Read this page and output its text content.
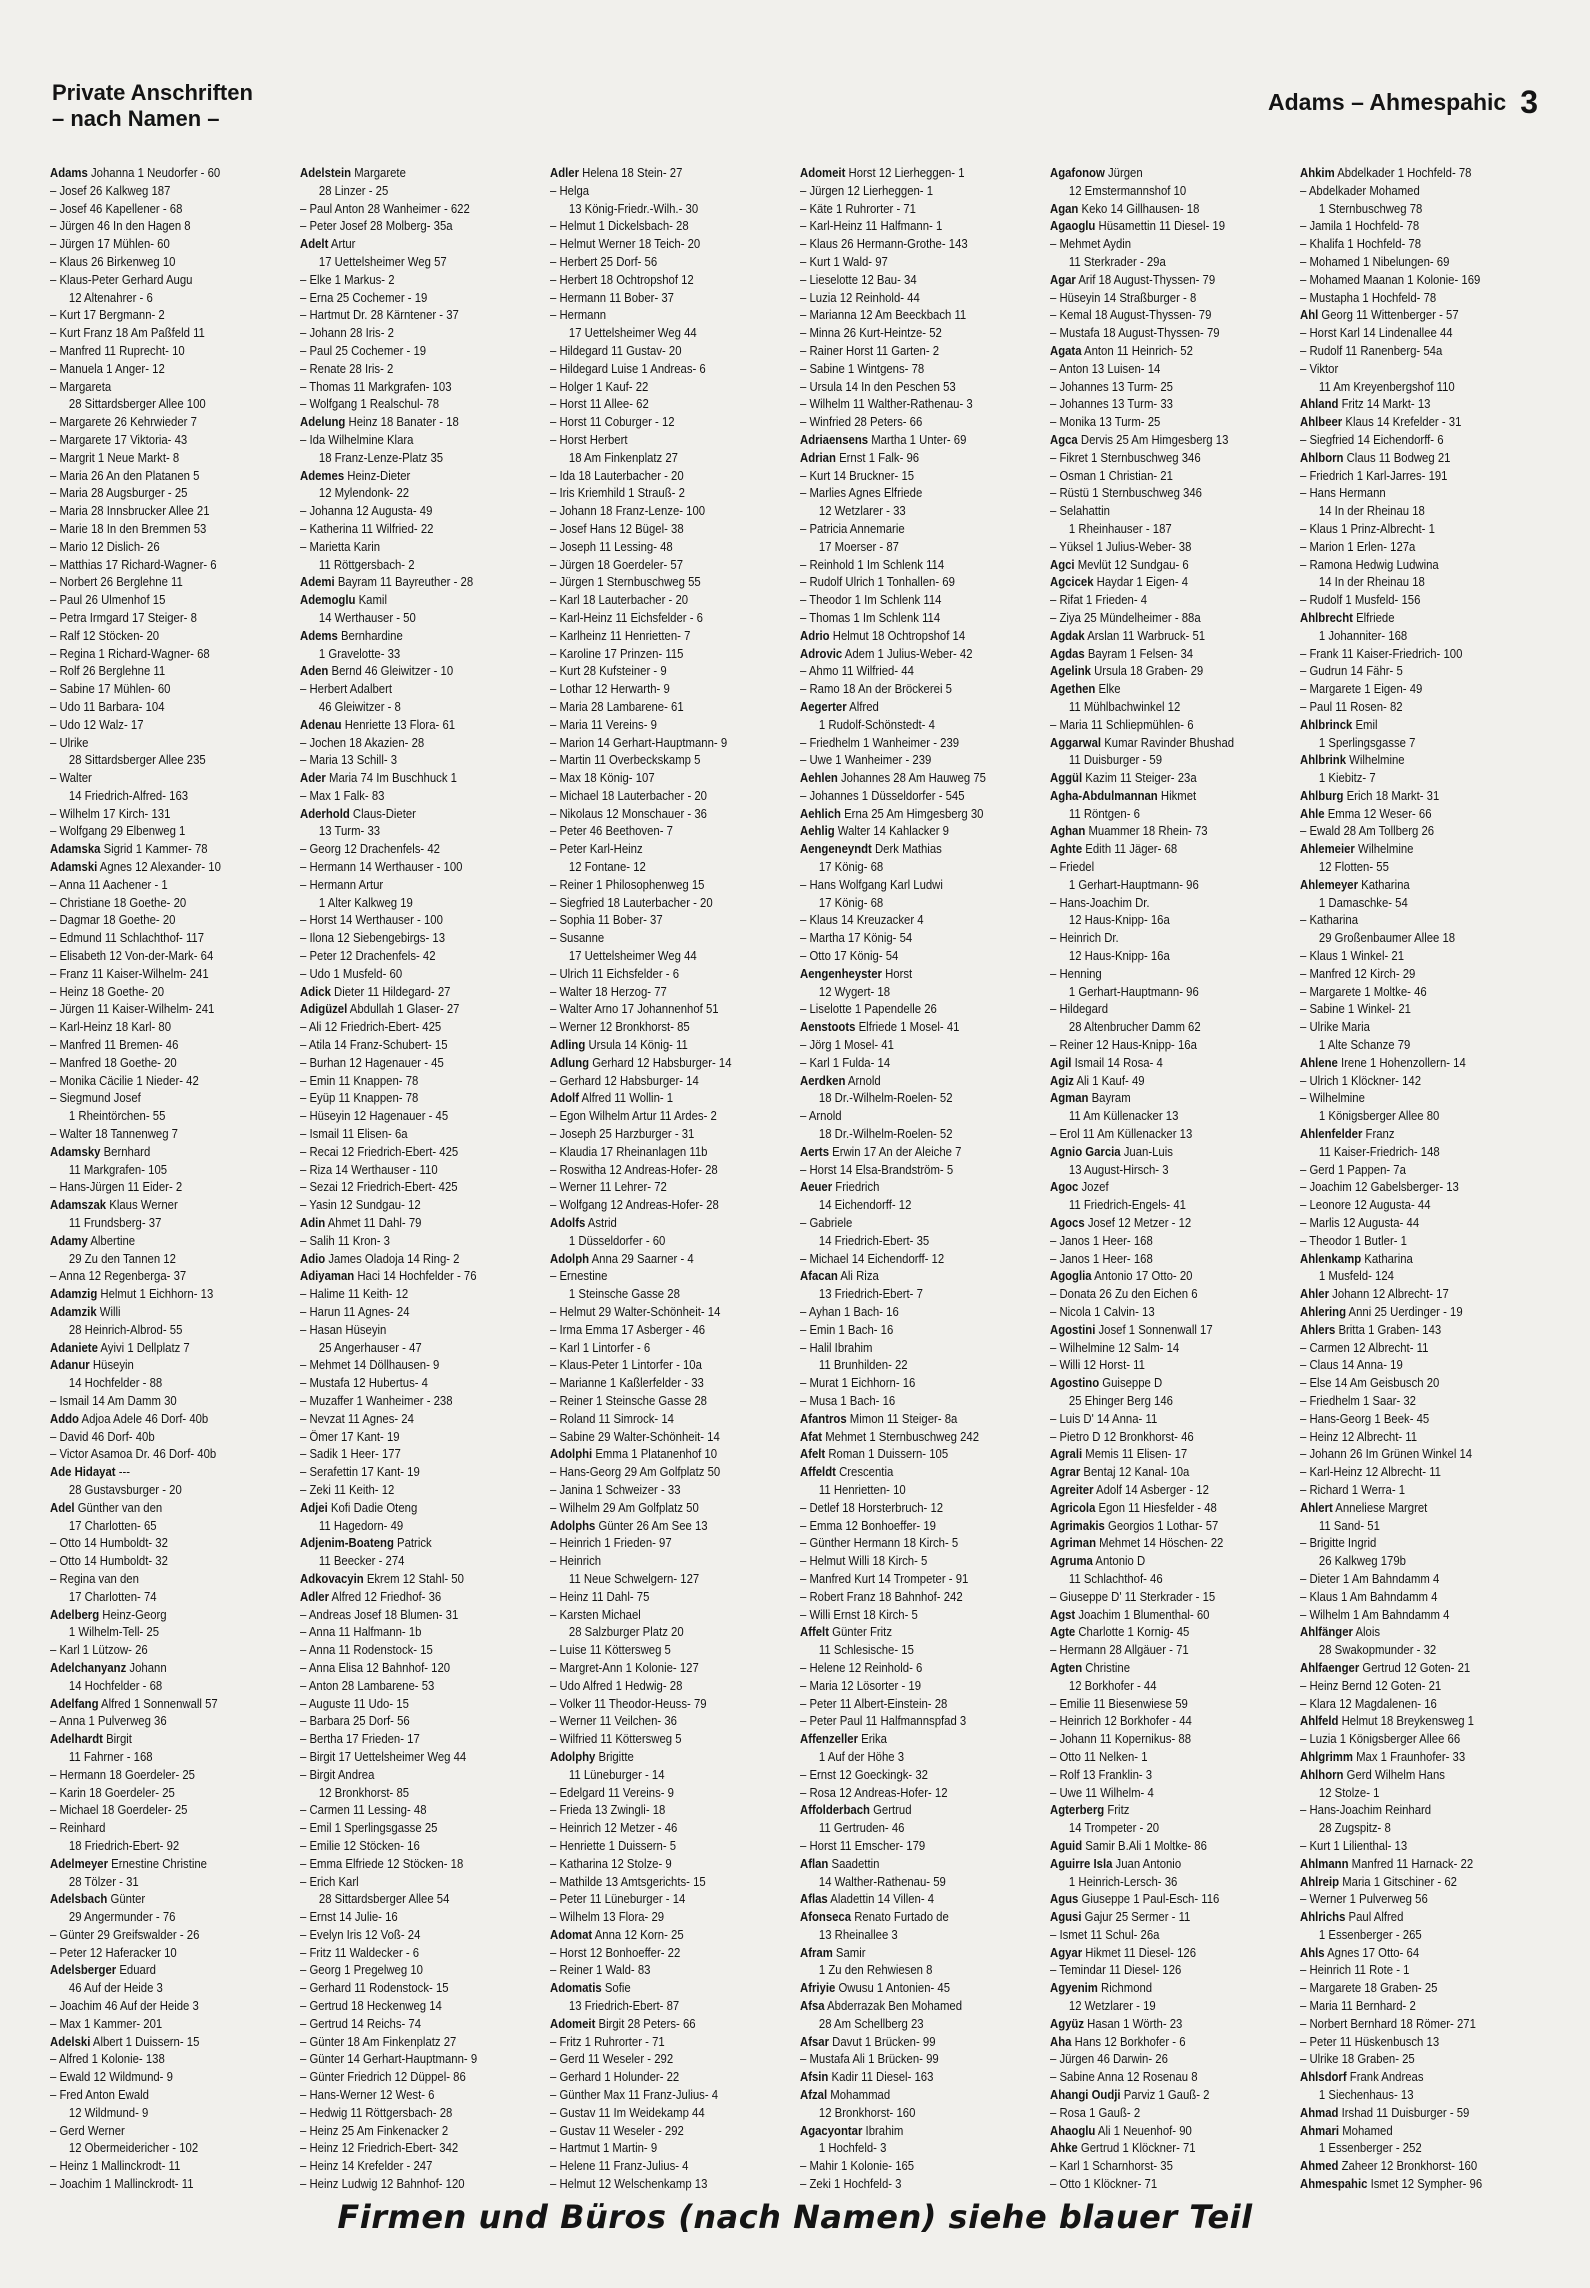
Private Anschriften
– nach Namen –
Adams – Ahmespahic 3
Adams Johanna 1 Neudorfer - 60
– Josef 26 Kalkweg 187
– Josef 46 Kapellener - 68
– Jürgen 46 In den Hagen 8
– Jürgen 17 Mühlen- 60
– Klaus 26 Birkenweg 10
– Klaus-Peter Gerhard Augu
12 Altenahrer - 6
– Kurt 17 Bergmann- 2
– Kurt Franz 18 Am Paßfeld 11
– Manfred 11 Ruprecht- 10
– Manuela 1 Anger- 12
– Margareta
28 Sittardsberger Allee 100
– Margarete 26 Kehrwieder 7
– Margarete 17 Viktoria- 43
– Margrit 1 Neue Markt- 8
– Maria 26 An den Platanen 5
– Maria 28 Augsburger - 25
– Maria 28 Innsbrucker Allee 21
– Marie 18 In den Bremmen 53
– Mario 12 Dislich- 26
– Matthias 17 Richard-Wagner- 6
– Norbert 26 Berglehne 11
– Paul 26 Ulmenhof 15
– Petra Irmgard 17 Steiger- 8
– Ralf 12 Stöcken- 20
– Regina 1 Richard-Wagner- 68
– Rolf 26 Berglehne 11
– Sabine 17 Mühlen- 60
– Udo 11 Barbara- 104
– Udo 12 Walz- 17
– Ulrike
28 Sittardsberger Allee 235
– Walter
14 Friedrich-Alfred- 163
– Wilhelm 17 Kirch- 131
– Wolfgang 29 Elbenweg 1
Adamska Sigrid 1 Kammer- 78
Adamski Agnes 12 Alexander- 10
– Anna 11 Aachener - 1
– Christiane 18 Goethe- 20
– Dagmar 18 Goethe- 20
– Edmund 11 Schlachthof- 117
– Elisabeth 12 Von-der-Mark- 64
– Franz 11 Kaiser-Wilhelm- 241
– Heinz 18 Goethe- 20
– Jürgen 11 Kaiser-Wilhelm- 241
– Karl-Heinz 18 Karl- 80
– Manfred 11 Bremen- 46
– Manfred 18 Goethe- 20
– Monika Cäcilie 1 Nieder- 42
– Siegmund Josef
1 Rheintörchen- 55
– Walter 18 Tannenweg 7
Adamsky Bernhard
11 Markgrafen- 105
– Hans-Jürgen 11 Eider- 2
Adamszak Klaus Werner
11 Frundsberg- 37
Adamy Albertine
29 Zu den Tannen 12
– Anna 12 Regenberga- 37
Adamzig Helmut 1 Eichhorn- 13
Adamzik Willi
28 Heinrich-Albrod- 55
Adaniete Ayivi 1 Dellplatz 7
Adanur Hüseyin
14 Hochfelder - 88
– Ismail 14 Am Damm 30
Addo Adjoa Adele 46 Dorf- 40b
– David 46 Dorf- 40b
– Victor Asamoa Dr. 46 Dorf- 40b
Ade Hidayat ---
28 Gustavsburger - 20
Adel Günther van den
17 Charlotten- 65
– Otto 14 Humboldt- 32
– Otto 14 Humboldt- 32
– Regina van den
17 Charlotten- 74
Adelberg Heinz-Georg
1 Wilhelm-Tell- 25
– Karl 1 Lützow- 26
Adelchanyanz Johann
14 Hochfelder - 68
Adelfang Alfred 1 Sonnenwall 57
– Anna 1 Pulverweg 36
Adelhardt Birgit
11 Fahrner - 168
– Hermann 18 Goerdeler- 25
– Karin 18 Goerdeler- 25
– Michael 18 Goerdeler- 25
– Reinhard
18 Friedrich-Ebert- 92
Adelmeyer Ernestine Christine
28 Tölzer - 31
Adelsbach Günter
29 Angermunder - 76
– Günter 29 Greifswalder - 26
– Peter 12 Haferacker 10
Adelsberger Eduard
46 Auf der Heide 3
– Joachim 46 Auf der Heide 3
– Max 1 Kammer- 201
Adelski Albert 1 Duissern- 15
– Alfred 1 Kolonie- 138
– Ewald 12 Wildmund- 9
– Fred Anton Ewald
12 Wildmund- 9
– Gerd Werner
12 Obermeidericher - 102
– Heinz 1 Mallinckrodt- 11
– Joachim 1 Mallinckrodt- 11
Adelstein Margarete
28 Linzer - 25
– Paul Anton 28 Wanheimer - 622
– Peter Josef 28 Molberg- 35a
Adelt Artur
17 Uettelsheimer Weg 57
– Elke 1 Markus- 2
– Erna 25 Cochemer - 19
– Hartmut Dr. 28 Kärntener - 37
– Johann 28 Iris- 2
– Paul 25 Cochemer - 19
– Renate 28 Iris- 2
– Thomas 11 Markgrafen- 103
– Wolfgang 1 Realschul- 78
Adelung Heinz 18 Banater - 18
– Ida Wilhelmine Klara
18 Franz-Lenze-Platz 35
Ademes Heinz-Dieter
12 Mylendonk- 22
– Johanna 12 Augusta- 49
– Katherina 11 Wilfried- 22
– Marietta Karin
11 Röttgersbach- 2
Ademi Bayram 11 Bayreuther - 28
Ademoglu Kamil
14 Werthauser - 50
Adems Bernhardine
1 Gravelotte- 33
Aden Bernd 46 Gleiwitzer - 10
– Herbert Adalbert
46 Gleiwitzer - 8
Adenau Henriette 13 Flora- 61
– Jochen 18 Akazien- 28
– Maria 13 Schill- 3
Ader Maria 74 Im Buschhuck 1
– Max 1 Falk- 83
Aderhold Claus-Dieter
13 Turm- 33
– Georg 12 Drachenfels- 42
– Hermann 14 Werthauser - 100
– Hermann Artur
1 Alter Kalkweg 19
– Horst 14 Werthauser - 100
– Ilona 12 Siebengebirgs- 13
– Peter 12 Drachenfels- 42
– Udo 1 Musfeld- 60
Adick Dieter 11 Hildegard- 27
Adigüzel Abdullah 1 Glaser- 27
– Ali 12 Friedrich-Ebert- 425
– Atila 14 Franz-Schubert- 15
– Burhan 12 Hagenauer - 45
– Emin 11 Knappen- 78
– Eyüp 11 Knappen- 78
– Hüseyin 12 Hagenauer - 45
– Ismail 11 Elisen- 6a
– Recai 12 Friedrich-Ebert- 425
– Riza 14 Werthauser - 110
– Sezai 12 Friedrich-Ebert- 425
– Yasin 12 Sundgau- 12
Adin Ahmet 11 Dahl- 79
– Salih 11 Kron- 3
Adio James Oladoja 14 Ring- 2
Adiyaman Haci 14 Hochfelder - 76
– Halime 11 Keith- 12
– Harun 11 Agnes- 24
– Hasan Hüseyin
25 Angerhauser - 47
– Mehmet 14 Döllhausen- 9
– Mustafa 12 Hubertus- 4
– Muzaffer 1 Wanheimer - 238
– Nevzat 11 Agnes- 24
– Ömer 17 Kant- 19
– Sadik 1 Heer- 177
– Serafettin 17 Kant- 19
– Zeki 11 Keith- 12
Adjei Kofi Dadie Oteng
11 Hagedorn- 49
Adjenim-Boateng Patrick
11 Beecker - 274
Adkovacyin Ekrem 12 Stahl- 50
Adler Alfred 12 Friedhof- 36
– Andreas Josef 18 Blumen- 31
– Anna 11 Halfmann- 1b
– Anna 11 Rodenstock- 15
– Anna Elisa 12 Bahnhof- 120
– Anton 28 Lambarene- 53
– Auguste 11 Udo- 15
– Barbara 25 Dorf- 56
– Bertha 17 Frieden- 17
– Birgit 17 Uettelsheimer Weg 44
– Birgit Andrea
12 Bronkhorst- 85
– Carmen 11 Lessing- 48
– Emil 1 Sperlingsgasse 25
– Emilie 12 Stöcken- 16
– Emma Elfriede 12 Stöcken- 18
– Erich Karl
28 Sittardsberger Allee 54
– Ernst 14 Julie- 16
– Evelyn Iris 12 Voß- 24
– Fritz 11 Waldecker - 6
– Georg 1 Pregelweg 10
– Gerhard 11 Rodenstock- 15
– Gertrud 18 Heckenweg 14
– Gertrud 14 Reichs- 74
– Günter 18 Am Finkenplatz 27
– Günter 14 Gerhart-Hauptmann- 9
– Günter Friedrich 12 Düppel- 86
– Hans-Werner 12 West- 6
– Hedwig 11 Röttgersbach- 28
– Heinz 25 Am Finkenacker 2
– Heinz 12 Friedrich-Ebert- 342
– Heinz 14 Krefelder - 247
– Heinz Ludwig 12 Bahnhof- 120
Adler Helena 18 Stein- 27
– Helga
13 König-Friedr.-Wilh.- 30
– Helmut 1 Dickelsbach- 28
– Helmut Werner 18 Teich- 20
– Herbert 25 Dorf- 56
– Herbert 18 Ochtropshof 12
– Hermann 11 Bober- 37
– Hermann
17 Uettelsheimer Weg 44
– Hildegard 11 Gustav- 20
– Hildegard Luise 1 Andreas- 6
– Holger 1 Kauf- 22
– Horst 11 Allee- 62
– Horst 11 Coburger - 12
– Horst Herbert
18 Am Finkenplatz 27
– Ida 18 Lauterbacher - 20
– Iris Kriemhild 1 Strauß- 2
– Johann 18 Franz-Lenze- 100
– Josef Hans 12 Bügel- 38
– Joseph 11 Lessing- 48
– Jürgen 18 Goerdeler- 57
– Jürgen 1 Sternbuschweg 55
– Karl 18 Lauterbacher - 20
– Karl-Heinz 11 Eichsfelder - 6
– Karlheinz 11 Henrietten- 7
– Karoline 17 Prinzen- 115
– Kurt 28 Kufsteiner - 9
– Lothar 12 Herwarth- 9
– Maria 28 Lambarene- 61
– Maria 11 Vereins- 9
– Marion 14 Gerhart-Hauptmann- 9
– Martin 11 Overbeckskamp 5
– Max 18 König- 107
– Michael 18 Lauterbacher - 20
– Nikolaus 12 Monschauer - 36
– Peter 46 Beethoven- 7
– Peter Karl-Heinz
12 Fontane- 12
– Reiner 1 Philosophenweg 15
– Siegfried 18 Lauterbacher - 20
– Sophia 11 Bober- 37
– Susanne
17 Uettelsheimer Weg 44
– Ulrich 11 Eichsfelder - 6
– Walter 18 Herzog- 77
– Walter Arno 17 Johannenhof 51
– Werner 12 Bronkhorst- 85
Adling Ursula 14 König- 11
Adlung Gerhard 12 Habsburger- 14
– Gerhard 12 Habsburger- 14
Adolf Alfred 11 Wollin- 1
– Egon Wilhelm Artur 11 Ardes- 2
– Joseph 25 Harzburger - 31
– Klaudia 17 Rheinanlagen 11b
– Roswitha 12 Andreas-Hofer- 28
– Werner 11 Lehrer- 72
– Wolfgang 12 Andreas-Hofer- 28
Adolfs Astrid
1 Düsseldorfer - 60
Adolph Anna 29 Saarner - 4
– Ernestine
1 Steinsche Gasse 28
– Helmut 29 Walter-Schönheit- 14
– Irma Emma 17 Asberger - 46
– Karl 1 Lintorfer - 6
– Klaus-Peter 1 Lintorfer - 10a
– Marianne 1 Kaßlerfelder - 33
– Reiner 1 Steinsche Gasse 28
– Roland 11 Simrock- 14
– Sabine 29 Walter-Schönheit- 14
Adolphi Emma 1 Platanenhof 10
– Hans-Georg 29 Am Golfplatz 50
– Janina 1 Schweizer - 33
– Wilhelm 29 Am Golfplatz 50
Adolphs Günter 26 Am See 13
– Heinrich 1 Frieden- 97
– Heinrich
11 Neue Schwelgern- 127
– Heinz 11 Dahl- 75
– Karsten Michael
28 Salzburger Platz 20
– Luise 11 Köttersweg 5
– Margret-Ann 1 Kolonie- 127
– Udo Alfred 1 Hedwig- 28
– Volker 11 Theodor-Heuss- 79
– Werner 11 Veilchen- 36
– Wilfried 11 Köttersweg 5
Adolphy Brigitte
11 Lüneburger - 14
– Edelgard 11 Vereins- 9
– Frieda 13 Zwingli- 18
– Heinrich 12 Metzer - 46
– Henriette 1 Duissern- 5
– Katharina 12 Stolze- 9
– Mathilde 13 Amtsgerichts- 15
– Peter 11 Lüneburger - 14
– Wilhelm 13 Flora- 29
Adomat Anna 12 Korn- 25
– Horst 12 Bonhoeffer- 22
– Reiner 1 Wald- 83
Adomatis Sofie
13 Friedrich-Ebert- 87
Adomeit Birgit 28 Peters- 66
– Fritz 1 Ruhrorter - 71
– Gerd 11 Weseler - 292
– Gerhard 1 Holunder- 22
– Günther Max 11 Franz-Julius- 4
– Gustav 11 Im Weidekamp 44
– Gustav 11 Weseler - 292
– Hartmut 1 Martin- 9
– Helene 11 Franz-Julius- 4
– Helmut 12 Welschenkamp 13
Adomeit Horst 12 Lierheggen- 1
– Jürgen 12 Lierheggen- 1
– Käte 1 Ruhrorter - 71
– Karl-Heinz 11 Halfmann- 1
– Klaus 26 Hermann-Grothe- 143
– Kurt 1 Wald- 97
– Lieselotte 12 Bau- 34
– Luzia 12 Reinhold- 44
– Marianna 12 Am Beeckbach 11
– Minna 26 Kurt-Heintze- 52
– Rainer Horst 11 Garten- 2
– Sabine 1 Wintgens- 78
– Ursula 14 In den Peschen 53
– Wilhelm 11 Walther-Rathenau- 3
– Winfried 28 Peters- 66
Adriaensens Martha 1 Unter- 69
Adrian Ernst 1 Falk- 96
– Kurt 14 Bruckner- 15
– Marlies Agnes Elfriede
12 Wetzlarer - 33
– Patricia Annemarie
17 Moerser - 87
– Reinhold 1 Im Schlenk 114
– Rudolf Ulrich 1 Tonhallen- 69
– Theodor 1 Im Schlenk 114
– Thomas 1 Im Schlenk 114
Adrio Helmut 18 Ochtropshof 14
Adrovic Adem 1 Julius-Weber- 42
– Ahmo 11 Wilfried- 44
– Ramo 18 An der Bröckerei 5
Aegerter Alfred
1 Rudolf-Schönstedt- 4
– Friedhelm 1 Wanheimer - 239
– Uwe 1 Wanheimer - 239
Aehlen Johannes 28 Am Hauweg 75
– Johannes 1 Düsseldorfer - 545
Aehlich Erna 25 Am Himgesberg 30
Aehlig Walter 14 Kahlacker 9
Aengeneyndt Derk Mathias
17 König- 68
– Hans Wolfgang Karl Ludwi
17 König- 68
– Klaus 14 Kreuzacker 4
– Martha 17 König- 54
– Otto 17 König- 54
Aengenheyster Horst
12 Wygert- 18
– Liselotte 1 Papendelle 26
Aenstoots Elfriede 1 Mosel- 41
– Jörg 1 Mosel- 41
– Karl 1 Fulda- 14
Aerdken Arnold
18 Dr.-Wilhelm-Roelen- 52
– Arnold
18 Dr.-Wilhelm-Roelen- 52
Aerts Erwin 17 An der Aleiche 7
– Horst 14 Elsa-Brandström- 5
Aeuer Friedrich
14 Eichendorff- 12
– Gabriele
14 Friedrich-Ebert- 35
– Michael 14 Eichendorff- 12
Afacan Ali Riza
13 Friedrich-Ebert- 7
– Ayhan 1 Bach- 16
– Emin 1 Bach- 16
– Halil Ibrahim
11 Brunhilden- 22
– Murat 1 Eichhorn- 16
– Musa 1 Bach- 16
Afantros Mimon 11 Steiger- 8a
Afat Mehmet 1 Sternbuschweg 242
Afelt Roman 1 Duissern- 105
Affeldt Crescentia
11 Henrietten- 10
– Detlef 18 Horsterbruch- 12
– Emma 12 Bonhoeffer- 19
– Günther Hermann 18 Kirch- 5
– Helmut Willi 18 Kirch- 5
– Manfred Kurt 14 Trompeter - 91
– Robert Franz 18 Bahnhof- 242
– Willi Ernst 18 Kirch- 5
Affelt Günter Fritz
11 Schlesische- 15
– Helene 12 Reinhold- 6
– Maria 12 Lösorter - 19
– Peter 11 Albert-Einstein- 28
– Peter Paul 11 Halfmannspfad 3
Affenzeller Erika
1 Auf der Höhe 3
– Ernst 12 Goeckingk- 32
– Rosa 12 Andreas-Hofer- 12
Affolderbach Gertrud
11 Gertruden- 46
– Horst 11 Emscher- 179
Aflan Saadettin
14 Walther-Rathenau- 59
Aflas Aladettin 14 Villen- 4
Afonseca Renato Furtado de
13 Rheinallee 3
Afram Samir
1 Zu den Rehwiesen 8
Afriyie Owusu 1 Antonien- 45
Afsa Abderrazak Ben Mohamed
28 Am Schellberg 23
Afsar Davut 1 Brücken- 99
– Mustafa Ali 1 Brücken- 99
Afsin Kadir 11 Diesel- 163
Afzal Mohammad
12 Bronkhorst- 160
Agacyontar Ibrahim
1 Hochfeld- 3
– Mahir 1 Kolonie- 165
– Zeki 1 Hochfeld- 3
Agafonow Jürgen
12 Emstermannshof 10
Agan Keko 14 Gillhausen- 18
Agaoglu Hüsamettin 11 Diesel- 19
– Mehmet Aydin
11 Sterkrader - 29a
Agar Arif 18 August-Thyssen- 79
– Hüseyin 14 Straßburger - 8
– Kemal 18 August-Thyssen- 79
– Mustafa 18 August-Thyssen- 79
Agata Anton 11 Heinrich- 52
– Anton 13 Luisen- 14
– Johannes 13 Turm- 25
– Johannes 13 Turm- 33
– Monika 13 Turm- 25
Agca Dervis 25 Am Himgesberg 13
– Fikret 1 Sternbuschweg 346
– Osman 1 Christian- 21
– Rüstü 1 Sternbuschweg 346
– Selahattin
1 Rheinhauser - 187
– Yüksel 1 Julius-Weber- 38
Agci Mevlüt 12 Sundgau- 6
Agcicek Haydar 1 Eigen- 4
– Rifat 1 Frieden- 4
– Ziya 25 Mündelheimer - 88a
Agdak Arslan 11 Warbruck- 51
Agdas Bayram 1 Felsen- 34
Agelink Ursula 18 Graben- 29
Agethen Elke
11 Mühlbachwinkel 12
– Maria 11 Schliepmühlen- 6
Aggarwal Kumar Ravinder Bhushad
11 Duisburger - 59
Aggül Kazim 11 Steiger- 23a
Agha-Abdulmannan Hikmet
11 Röntgen- 6
Aghan Muammer 18 Rhein- 73
Aghte Edith 11 Jäger- 68
– Friedel
1 Gerhart-Hauptmann- 96
– Hans-Joachim Dr.
12 Haus-Knipp- 16a
– Heinrich Dr.
12 Haus-Knipp- 16a
– Henning
1 Gerhart-Hauptmann- 96
– Hildegard
28 Altenbrucher Damm 62
– Reiner 12 Haus-Knipp- 16a
Agil Ismail 14 Rosa- 4
Agiz Ali 1 Kauf- 49
Agman Bayram
11 Am Küllenacker 13
– Erol 11 Am Küllenacker 13
Agnio Garcia Juan-Luis
13 August-Hirsch- 3
Agoc Jozef
11 Friedrich-Engels- 41
Agocs Josef 12 Metzer - 12
– Janos 1 Heer- 168
– Janos 1 Heer- 168
Agoglia Antonio 17 Otto- 20
– Donata 26 Zu den Eichen 6
– Nicola 1 Calvin- 13
Agostini Josef 1 Sonnenwall 17
– Wilhelmine 12 Salm- 14
– Willi 12 Horst- 11
Agostino Guiseppe D
25 Ehinger Berg 146
– Luis D' 14 Anna- 11
– Pietro D 12 Bronkhorst- 46
Agrali Memis 11 Elisen- 17
Agrar Bentaj 12 Kanal- 10a
Agreiter Adolf 14 Asberger - 12
Agricola Egon 11 Hiesfelder - 48
Agrimakis Georgios 1 Lothar- 57
Agriman Mehmet 14 Höschen- 22
Agruma Antonio D
11 Schlachthof- 46
– Giuseppe D' 11 Sterkrader - 15
Agst Joachim 1 Blumenthal- 60
Agte Charlotte 1 Kornig- 45
– Hermann 28 Allgäuer - 71
Agten Christine
12 Borkhofer - 44
– Emilie 11 Biesenwiese 59
– Heinrich 12 Borkhofer - 44
– Johann 11 Kopernikus- 88
– Otto 11 Nelken- 1
– Rolf 13 Franklin- 3
– Uwe 11 Wilhelm- 4
Agterberg Fritz
14 Trompeter - 20
Aguid Samir B.Ali 1 Moltke- 86
Aguirre Isla Juan Antonio
1 Heinrich-Lersch- 36
Agus Giuseppe 1 Paul-Esch- 116
Agusi Gajur 25 Sermer - 11
– Ismet 11 Schul- 26a
Agyar Hikmet 11 Diesel- 126
– Temindar 11 Diesel- 126
Agyenim Richmond
12 Wetzlarer - 19
Agyüz Hasan 1 Wörth- 23
Aha Hans 12 Borkhofer - 6
– Jürgen 46 Darwin- 26
– Sabine Anna 12 Rosenau 8
Ahangi Oudji Parviz 1 Gauß- 2
– Rosa 1 Gauß- 2
Ahaoglu Ali 1 Neuenhof- 90
Ahke Gertrud 1 Klöckner- 71
– Karl 1 Scharnhorst- 35
– Otto 1 Klöckner- 71
Ahkim Abdelkader 1 Hochfeld- 78
– Abdelkader Mohamed
1 Sternbuschweg 78
– Jamila 1 Hochfeld- 78
– Khalifa 1 Hochfeld- 78
– Mohamed 1 Nibelungen- 69
– Mohamed Maanan 1 Kolonie- 169
– Mustapha 1 Hochfeld- 78
Ahl Georg 11 Wittenberger - 57
– Horst Karl 14 Lindenallee 44
– Rudolf 11 Ranenberg- 54a
– Viktor
11 Am Kreyenbergshof 110
Ahland Fritz 14 Markt- 13
Ahlbeer Klaus 14 Krefelder - 31
– Siegfried 14 Eichendorff- 6
Ahlborn Claus 11 Bodweg 21
– Friedrich 1 Karl-Jarres- 191
– Hans Hermann
14 In der Rheinau 18
– Klaus 1 Prinz-Albrecht- 1
– Marion 1 Erlen- 127a
– Ramona Hedwig Ludwina
14 In der Rheinau 18
– Rudolf 1 Musfeld- 156
Ahlbrecht Elfriede
1 Johanniter- 168
– Frank 11 Kaiser-Friedrich- 100
– Gudrun 14 Fähr- 5
– Margarete 1 Eigen- 49
– Paul 11 Rosen- 82
Ahlbrinck Emil
1 Sperlingsgasse 7
Ahlbrink Wilhelmine
1 Kiebitz- 7
Ahlburg Erich 18 Markt- 31
Ahle Emma 12 Weser- 66
– Ewald 28 Am Tollberg 26
Ahlemeier Wilhelmine
12 Flotten- 55
Ahlemeyer Katharina
1 Damaschke- 54
– Katharina
29 Großenbaumer Allee 18
– Klaus 1 Winkel- 21
– Manfred 12 Kirch- 29
– Margarete 1 Moltke- 46
– Sabine 1 Winkel- 21
– Ulrike Maria
1 Alte Schanze 79
Ahlene Irene 1 Hohenzollern- 14
– Ulrich 1 Klöckner- 142
– Wilhelmine
1 Königsberger Allee 80
Ahlenfelder Franz
11 Kaiser-Friedrich- 148
– Gerd 1 Pappen- 7a
– Joachim 12 Gabelsberger- 13
– Leonore 12 Augusta- 44
– Marlis 12 Augusta- 44
– Theodor 1 Butler- 1
Ahlenkamp Katharina
1 Musfeld- 124
Ahler Johann 12 Albrecht- 17
Ahlering Anni 25 Uerdinger - 19
Ahlers Britta 1 Graben- 143
– Carmen 12 Albrecht- 11
– Claus 14 Anna- 19
– Else 14 Am Geisbusch 20
– Friedhelm 1 Saar- 32
– Hans-Georg 1 Beek- 45
– Heinz 12 Albrecht- 11
– Johann 26 Im Grünen Winkel 14
– Karl-Heinz 12 Albrecht- 11
– Richard 1 Werra- 1
Ahlert Anneliese Margret
11 Sand- 51
– Brigitte Ingrid
26 Kalkweg 179b
– Dieter 1 Am Bahndamm 4
– Klaus 1 Am Bahndamm 4
– Wilhelm 1 Am Bahndamm 4
Ahlfänger Alois
28 Swakopmunder - 32
Ahlfaenger Gertrud 12 Goten- 21
– Heinz Bernd 12 Goten- 21
– Klara 12 Magdalenen- 16
Ahlfeld Helmut 18 Breykensweg 1
– Luzia 1 Königsberger Allee 66
Ahlgrimm Max 1 Fraunhofer- 33
Ahlhorn Gerd Wilhelm Hans
12 Stolze- 1
– Hans-Joachim Reinhard
28 Zugspitz- 8
– Kurt 1 Lilienthal- 13
Ahlmann Manfred 11 Harnack- 22
Ahlreip Maria 1 Gitschiner - 62
– Werner 1 Pulverweg 56
Ahlrichs Paul Alfred
1 Essenberger - 265
Ahls Agnes 17 Otto- 64
– Heinrich 11 Rote - 1
– Margarete 18 Graben- 25
– Maria 11 Bernhard- 2
– Norbert Bernhard 18 Römer- 271
– Peter 11 Hüskenbusch 13
– Ulrike 18 Graben- 25
Ahlsdorf Frank Andreas
1 Siechenhaus- 13
Ahmad Irshad 11 Duisburger - 59
Ahmari Mohamed
1 Essenberger - 252
Ahmed Zaheer 12 Bronkhorst- 160
Ahmespahic Ismet 12 Sympher- 96
Firmen und Büros (nach Namen) siehe blauer Teil
